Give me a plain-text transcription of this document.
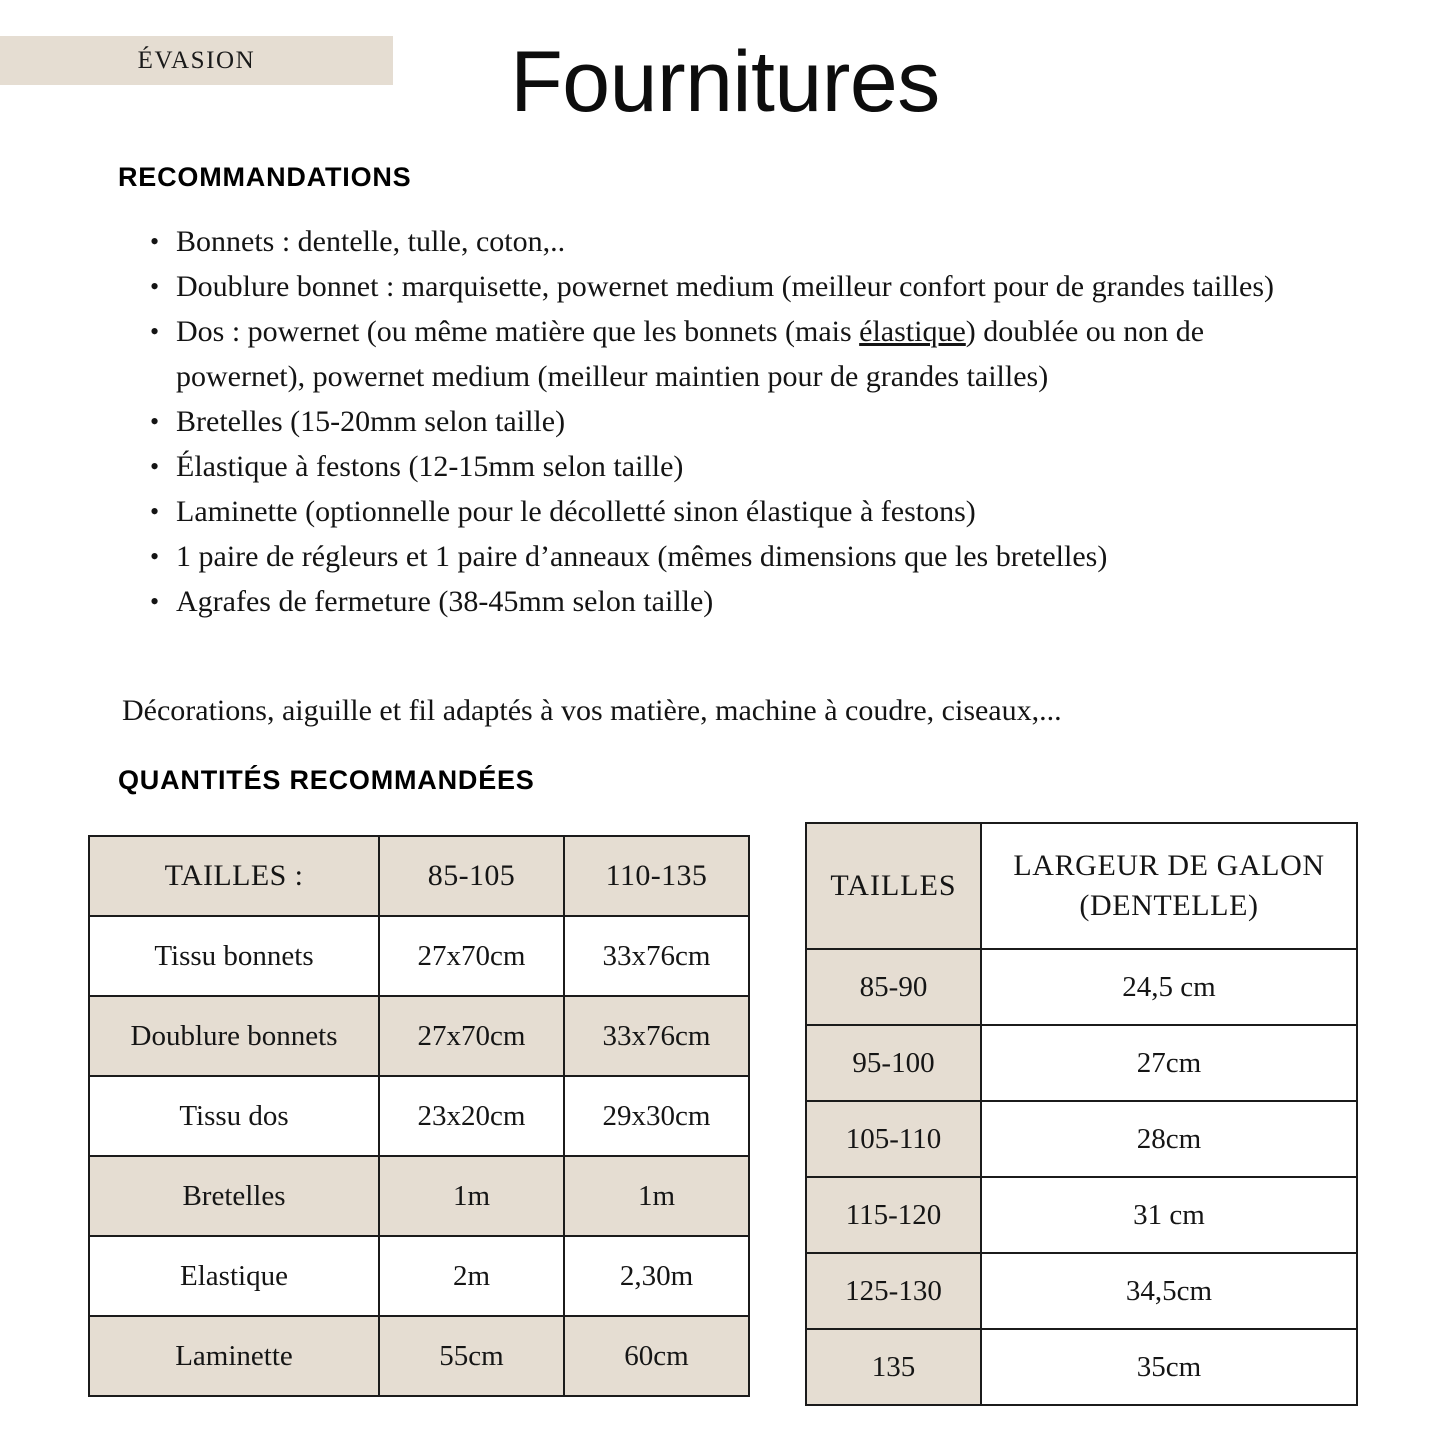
ÉVASION	Fournitures
RECOMMANDATIONS
• Bonnets : dentelle, tulle, coton,..
• Doublure bonnet : marquisette, powernet medium (meilleur confort pour de grandes tailles)
• Dos : powernet (ou même matière que les bonnets (mais élastique) doublée ou non de powernet), powernet medium (meilleur maintien pour de grandes tailles)
• Bretelles (15-20mm selon taille)
• Élastique à festons (12-15mm selon taille)
• Laminette (optionnelle pour le décolletté sinon élastique à festons)
• 1 paire de régleurs et 1 paire d’anneaux (mêmes dimensions que les bretelles)
• Agrafes de fermeture (38-45mm selon taille)
Décorations, aiguille et fil adaptés à vos matière, machine à coudre, ciseaux,...
QUANTITÉS RECOMMANDÉES
TAILLES :	85-105	110-135
Tissu bonnets	27x70cm	33x76cm
Doublure bonnets	27x70cm	33x76cm
Tissu dos	23x20cm	29x30cm
Bretelles	1m	1m
Elastique	2m	2,30m
Laminette	55cm	60cm
TAILLES	LARGEUR DE GALON
(DENTELLE)

85-90	24,5 cm
95-100	27cm
105-110	28cm
115-120	31 cm
125-130	34,5cm
135	35cm
